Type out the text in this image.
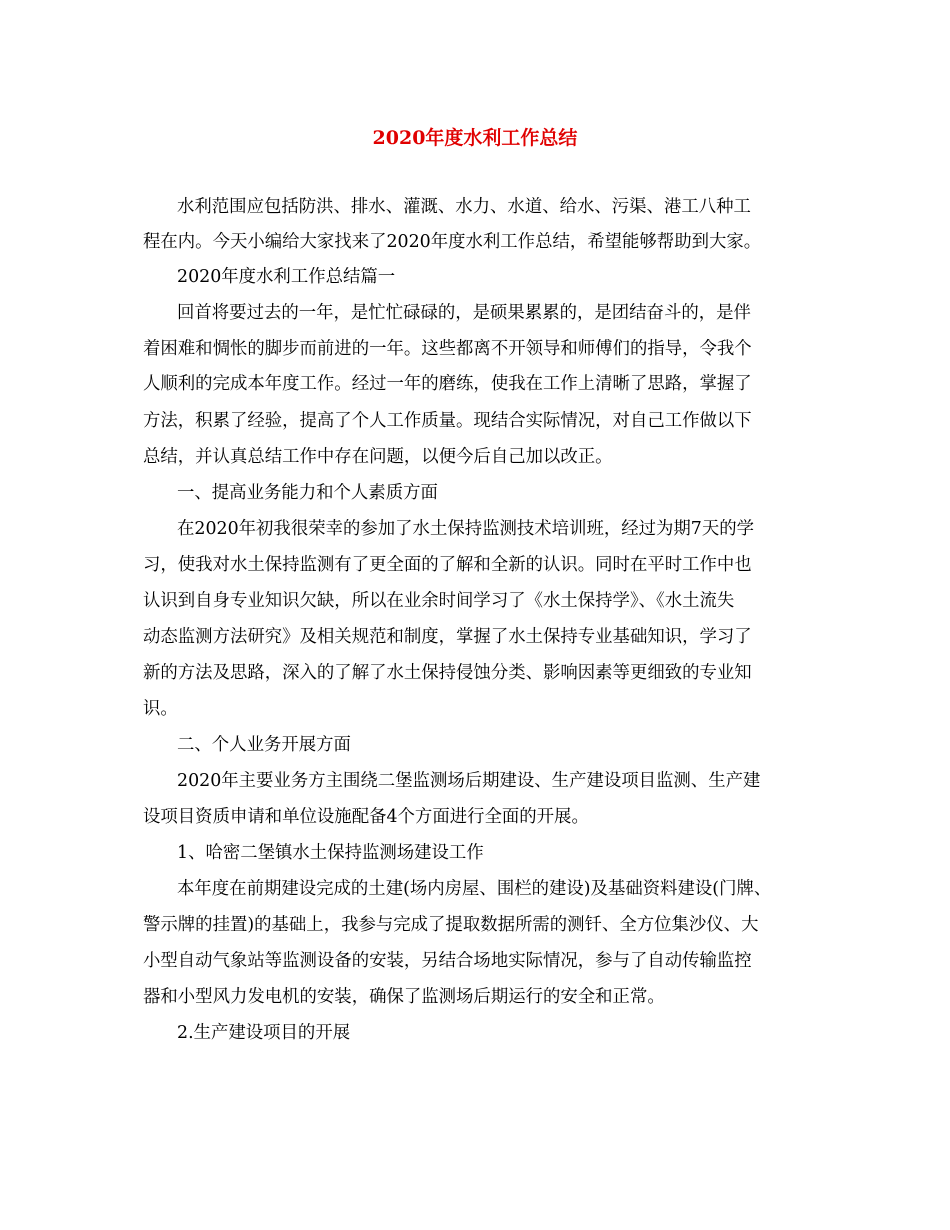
2020年度水利工作总结
水利范围应包括防洪、排水、灌溉、水力、水道、给水、污渠、港工八种工
程在内。今天小编给大家找来了2020年度水利工作总结，希望能够帮助到大家。
2020年度水利工作总结篇一
回首将要过去的一年，是忙忙碌碌的，是硕果累累的，是团结奋斗的，是伴
着困难和惆怅的脚步而前进的一年。这些都离不开领导和师傅们的指导，令我个
人顺利的完成本年度工作。经过一年的磨练，使我在工作上清晰了思路，掌握了
方法，积累了经验，提高了个人工作质量。现结合实际情况，对自己工作做以下
总结，并认真总结工作中存在问题，以便今后自己加以改正。
一、提高业务能力和个人素质方面
在2020年初我很荣幸的参加了水土保持监测技术培训班，经过为期7天的学
习，使我对水土保持监测有了更全面的了解和全新的认识。同时在平时工作中也
认识到自身专业知识欠缺，所以在业余时间学习了《水土保持学》、《水土流失
动态监测方法研究》及相关规范和制度，掌握了水土保持专业基础知识，学习了
新的方法及思路，深入的了解了水土保持侵蚀分类、影响因素等更细致的专业知
识。
二、个人业务开展方面
2020年主要业务方主围绕二堡监测场后期建设、生产建设项目监测、生产建
设项目资质申请和单位设施配备4个方面进行全面的开展。
1、哈密二堡镇水土保持监测场建设工作
本年度在前期建设完成的土建(场内房屋、围栏的建设)及基础资料建设(门牌、
警示牌的挂置)的基础上，我参与完成了提取数据所需的测钎、全方位集沙仪、大
小型自动气象站等监测设备的安装，另结合场地实际情况，参与了自动传输监控
器和小型风力发电机的安装，确保了监测场后期运行的安全和正常。
2.生产建设项目的开展
